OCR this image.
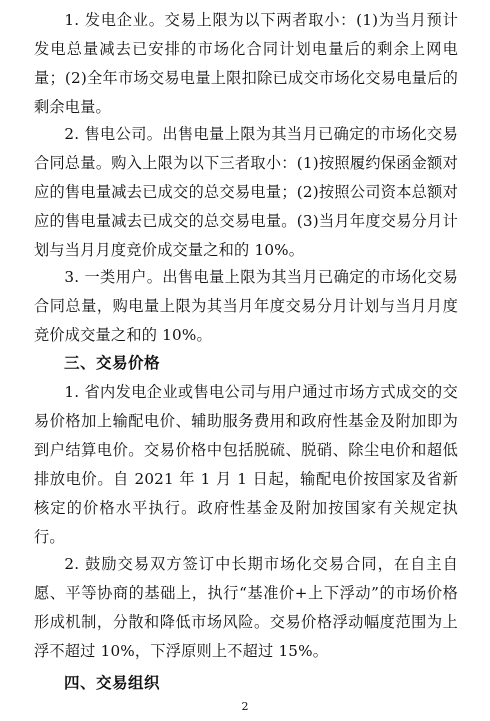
1. 发电企业。交易上限为以下两者取小：(1)为当月预计发电总量减去已安排的市场化合同计划电量后的剩余上网电量；(2)全年市场交易电量上限扣除已成交市场化交易电量后的剩余电量。

2. 售电公司。出售电量上限为其当月已确定的市场化交易合同总量。购入上限为以下三者取小：(1)按照履约保函金额对应的售电量减去已成交的总交易电量；(2)按照公司资本总额对应的售电量减去已成交的总交易电量。(3)当月年度交易分月计划与当月月度竞价成交量之和的 10%。

3. 一类用户。出售电量上限为其当月已确定的市场化交易合同总量，购电量上限为其当月年度交易分月计划与当月月度竞价成交量之和的 10%。

三、交易价格

1. 省内发电企业或售电公司与用户通过市场方式成交的交易价格加上输配电价、辅助服务费用和政府性基金及附加即为到户结算电价。交易价格中包括脱硫、脱硝、除尘电价和超低排放电价。自 2021 年 1 月 1 日起，输配电价按国家及省新核定的价格水平执行。政府性基金及附加按国家有关规定执行。

2. 鼓励交易双方签订中长期市场化交易合同，在自主自愿、平等协商的基础上，执行“基准价+上下浮动”的市场价格形成机制，分散和降低市场风险。交易价格浮动幅度范围为上浮不超过 10%，下浮原则上不超过 15%。

四、交易组织
2
